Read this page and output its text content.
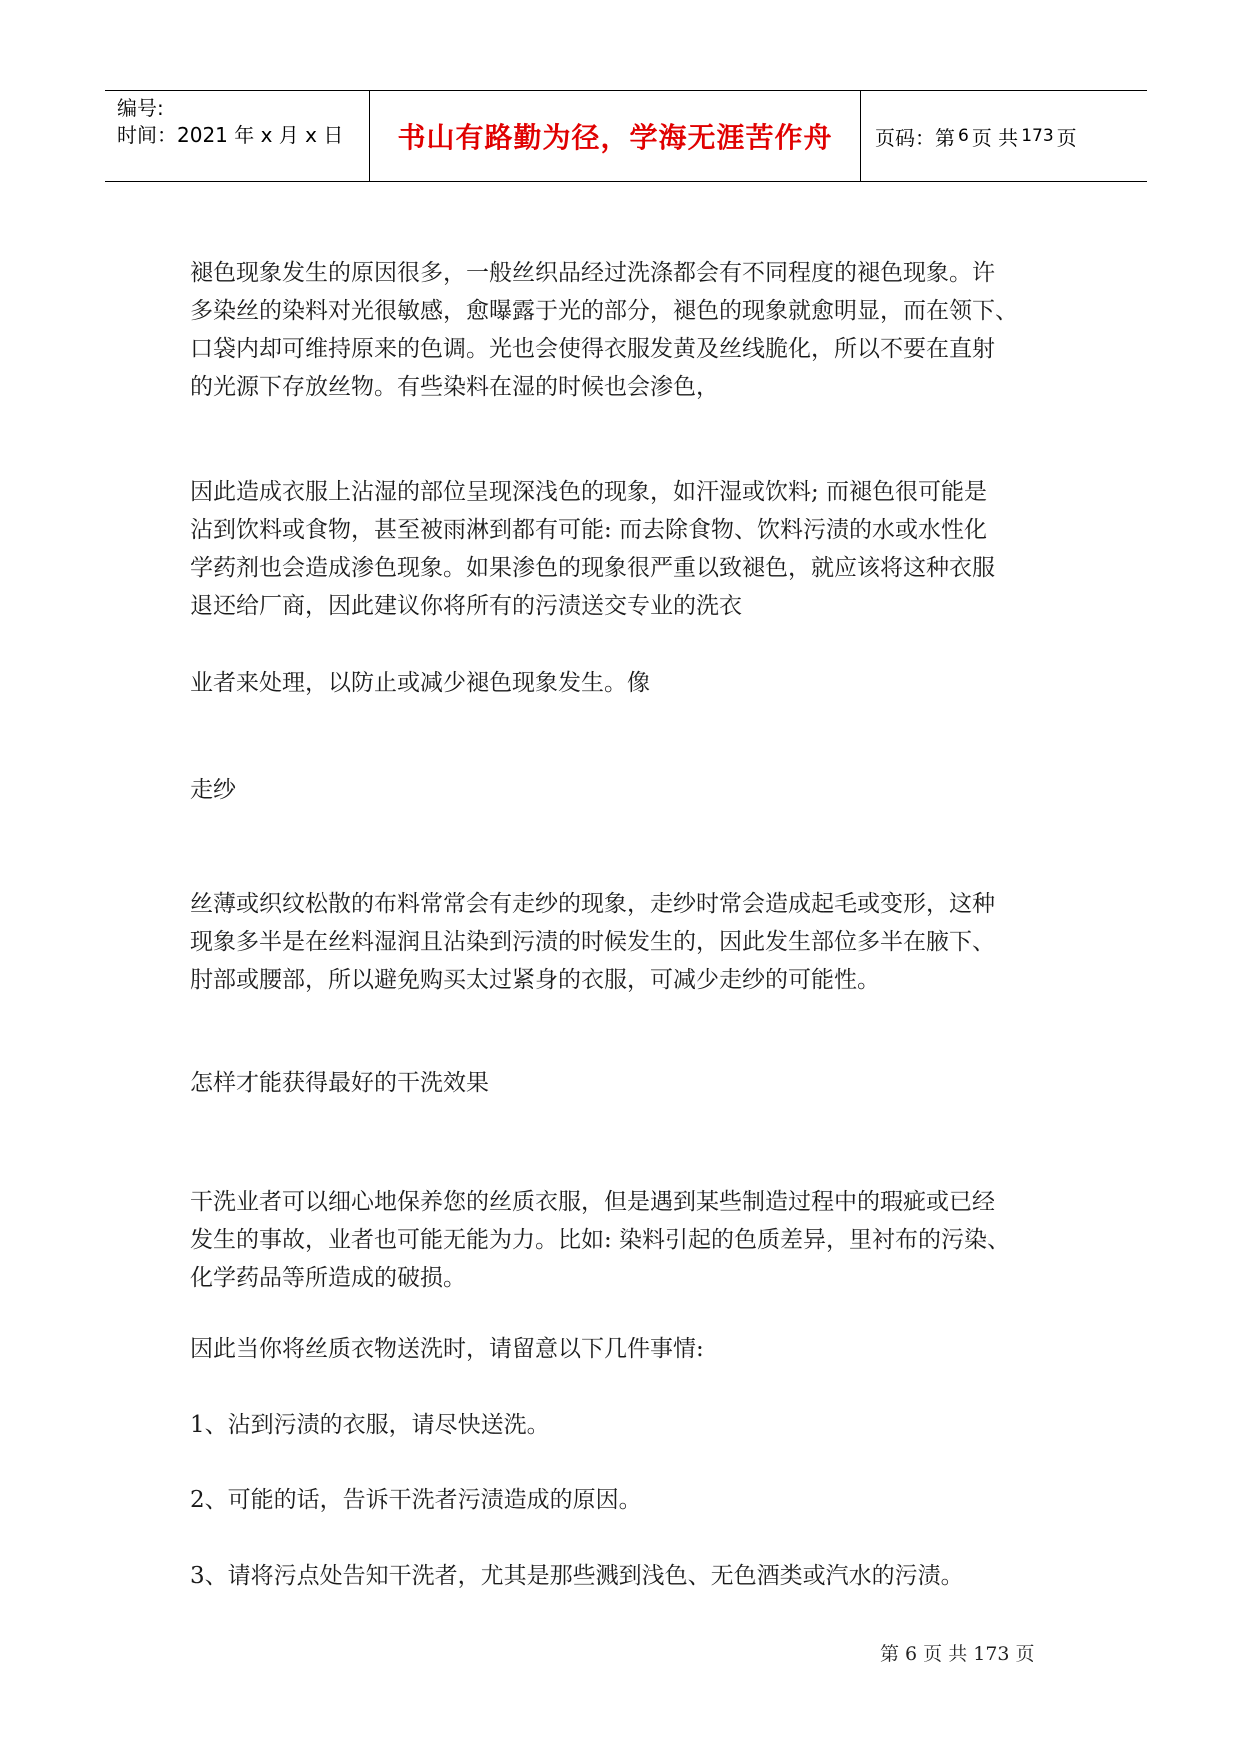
编号:
时间：2021 年 x 月 x 日	书山有路勤为径，学海无涯苦作舟 页码：第 6 页 共 173 页

褪色现象发生的原因很多，一般丝织品经过洗涤都会有不同程度的褪色现象。许
多染丝的染料对光很敏感，愈曝露于光的部分，褪色的现象就愈明显，而在领下、
口袋内却可维持原来的色调。光也会使得衣服发黄及丝线脆化，所以不要在直射
的光源下存放丝物。有些染料在湿的时候也会渗色，

因此造成衣服上沾湿的部位呈现深浅色的现象，如汗湿或饮料; 而褪色很可能是
沾到饮料或食物，甚至被雨淋到都有可能: 而去除食物、饮料污渍的水或水性化
学药剂也会造成渗色现象。如果渗色的现象很严重以致褪色，就应该将这种衣服
退还给厂商，因此建议你将所有的污渍送交专业的洗衣

业者来处理，以防止或减少褪色现象发生。像

走纱

丝薄或织纹松散的布料常常会有走纱的现象，走纱时常会造成起毛或变形，这种
现象多半是在丝料湿润且沾染到污渍的时候发生的，因此发生部位多半在腋下、
肘部或腰部，所以避免购买太过紧身的衣服，可减少走纱的可能性。

怎样才能获得最好的干洗效果

干洗业者可以细心地保养您的丝质衣服，但是遇到某些制造过程中的瑕疵或已经
发生的事故，业者也可能无能为力。比如: 染料引起的色质差异，里衬布的污染、
化学药品等所造成的破损。

因此当你将丝质衣物送洗时，请留意以下几件事情:

1、沾到污渍的衣服，请尽快送洗。

2、可能的话，告诉干洗者污渍造成的原因。

3、请将污点处告知干洗者，尤其是那些溅到浅色、无色酒类或汽水的污渍。

第 6 页 共 173 页
